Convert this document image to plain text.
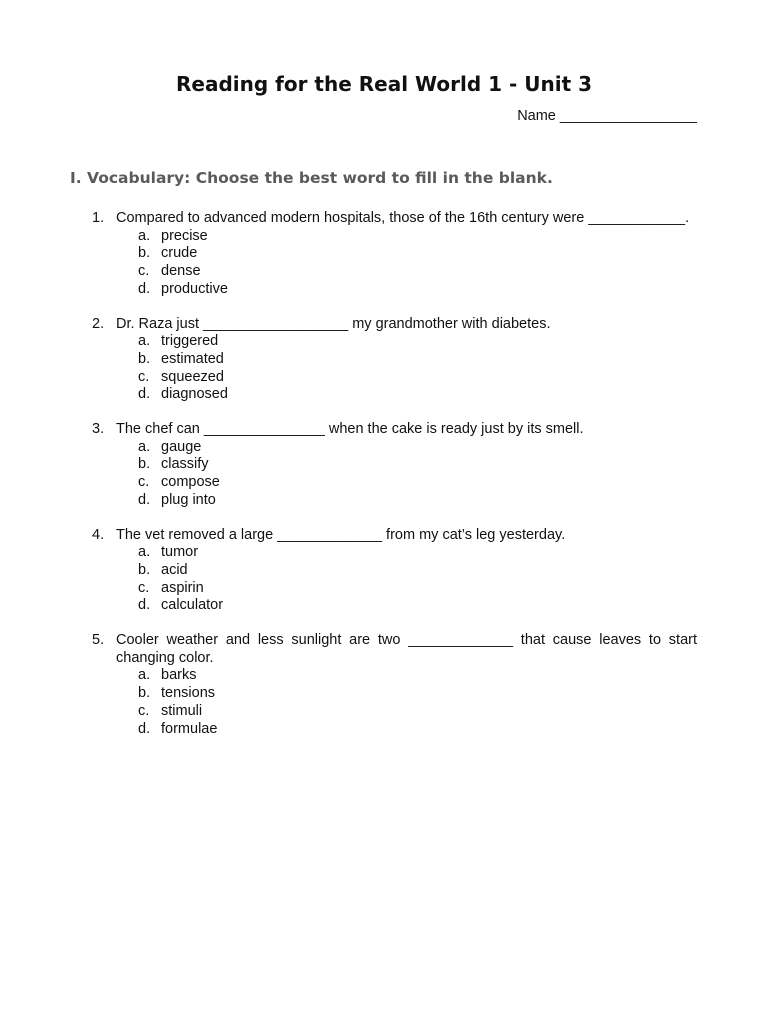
Reading for the Real World 1 - Unit 3
Name _________________
I. Vocabulary: Choose the best word to fill in the blank.
1. Compared to advanced modern hospitals, those of the 16th century were ____________.
a. precise
b. crude
c. dense
d. productive
2. Dr. Raza just __________________ my grandmother with diabetes.
a. triggered
b. estimated
c. squeezed
d. diagnosed
3. The chef can _______________ when the cake is ready just by its smell.
a. gauge
b. classify
c. compose
d. plug into
4. The vet removed a large _____________ from my cat’s leg yesterday.
a. tumor
b. acid
c. aspirin
d. calculator
5. Cooler weather and less sunlight are two _____________ that cause leaves to start changing color.
a. barks
b. tensions
c. stimuli
d. formulae
